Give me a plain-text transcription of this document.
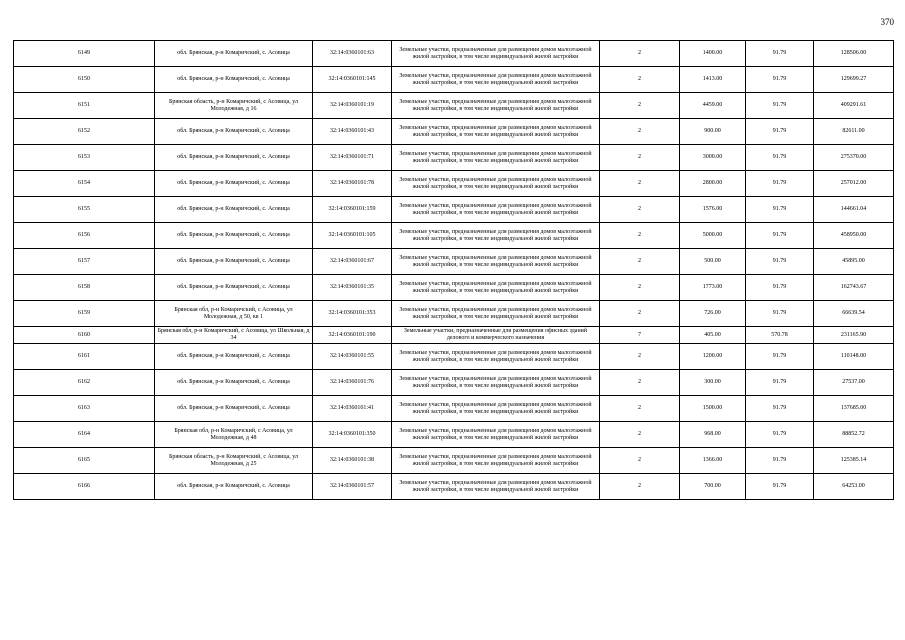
370
6149	обл. Брянская, р-н Комаричский, с. Асовица	32:14:0360101:63	Земельные участки, предназначенные для размещения домов малоэтажной жилой застройки, в том числе индивидуальной жилой застройки	2	1400.00	91.79	128506.00
6150	обл. Брянская, р-н Комаричский, с. Асовица	32:14:0360101:145	Земельные участки, предназначенные для размещения домов малоэтажной жилой застройки, в том числе индивидуальной жилой застройки	2	1413.00	91.79	129699.27
6151	Брянская область, р-н Комаричский, с Асовица, ул Молодежная, д 16	32:14:0360101:19	Земельные участки, предназначенные для размещения домов малоэтажной жилой застройки, в том числе индивидуальной жилой застройки	2	4459.00	91.79	409291.61
6152	обл. Брянская, р-н Комаричский, с. Асовица	32:14:0360101:43	Земельные участки, предназначенные для размещения домов малоэтажной жилой застройки, в том числе индивидуальной жилой застройки	2	900.00	91.79	82611.00
6153	обл. Брянская, р-н Комаричский, с. Асовица	32:14:0360101:71	Земельные участки, предназначенные для размещения домов малоэтажной жилой застройки, в том числе индивидуальной жилой застройки	2	3000.00	91.79	275370.00
6154	обл. Брянская, р-н Комаричский, с. Асовица	32:14:0360101:78	Земельные участки, предназначенные для размещения домов малоэтажной жилой застройки, в том числе индивидуальной жилой застройки	2	2800.00	91.79	257012.00
6155	обл. Брянская, р-н Комаричский, с. Асовица	32:14:0360101:159	Земельные участки, предназначенные для размещения домов малоэтажной жилой застройки, в том числе индивидуальной жилой застройки	2	1576.00	91.79	144661.04
6156	обл. Брянская, р-н Комаричский, с. Асовица	32:14:0360101:105	Земельные участки, предназначенные для размещения домов малоэтажной жилой застройки, в том числе индивидуальной жилой застройки	2	5000.00	91.79	458950.00
6157	обл. Брянская, р-н Комаричский, с. Асовица	32:14:0360101:67	Земельные участки, предназначенные для размещения домов малоэтажной жилой застройки, в том числе индивидуальной жилой застройки	2	500.00	91.79	45895.00
6158	обл. Брянская, р-н Комаричский, с. Асовица	32:14:0360101:35	Земельные участки, предназначенные для размещения домов малоэтажной жилой застройки, в том числе индивидуальной жилой застройки	2	1773.00	91.79	162743.67
6159	Брянская обл, р-н Комаричский, с Асовица, ул Молодежная, д 50, кв 1	32:14:0360101:353	Земельные участки, предназначенные для размещения домов малоэтажной жилой застройки, в том числе индивидуальной жилой застройки	2	726.00	91.79	66639.54
6160	Брянская обл, р-н Комаричский, с Асовица, ул Школьная, д 34	32:14:0360101:190	Земельные участки, предназначенные для размещения офисных зданий делового и коммерческого назначения	7	405.00	570.78	231165.90
6161	обл. Брянская, р-н Комаричский, с. Асовица	32:14:0360101:55	Земельные участки, предназначенные для размещения домов малоэтажной жилой застройки, в том числе индивидуальной жилой застройки	2	1200.00	91.79	110148.00
6162	обл. Брянская, р-н Комаричский, с. Асовица	32:14:0360101:76	Земельные участки, предназначенные для размещения домов малоэтажной жилой застройки, в том числе индивидуальной жилой застройки	2	300.00	91.79	27537.00
6163	обл. Брянская, р-н Комаричский, с. Асовица	32:14:0360101:41	Земельные участки, предназначенные для размещения домов малоэтажной жилой застройки, в том числе индивидуальной жилой застройки	2	1500.00	91.79	137685.00
6164	Брянская обл, р-н Комаричский, с Асовица, ул Молодежная, д 48	32:14:0360101:350	Земельные участки, предназначенные для размещения домов малоэтажной жилой застройки, в том числе индивидуальной жилой застройки	2	968.00	91.79	88852.72
6165	Брянская область, р-н Комаричский, с Асовица, ул Молодежная, д 25	32:14:0360101:38	Земельные участки, предназначенные для размещения домов малоэтажной жилой застройки, в том числе индивидуальной жилой застройки	2	1366.00	91.79	125385.14
6166	обл. Брянская, р-н Комаричский, с. Асовица	32:14:0360101:57	Земельные участки, предназначенные для размещения домов малоэтажной жилой застройки, в том числе индивидуальной жилой застройки	2	700.00	91.79	64253.00
